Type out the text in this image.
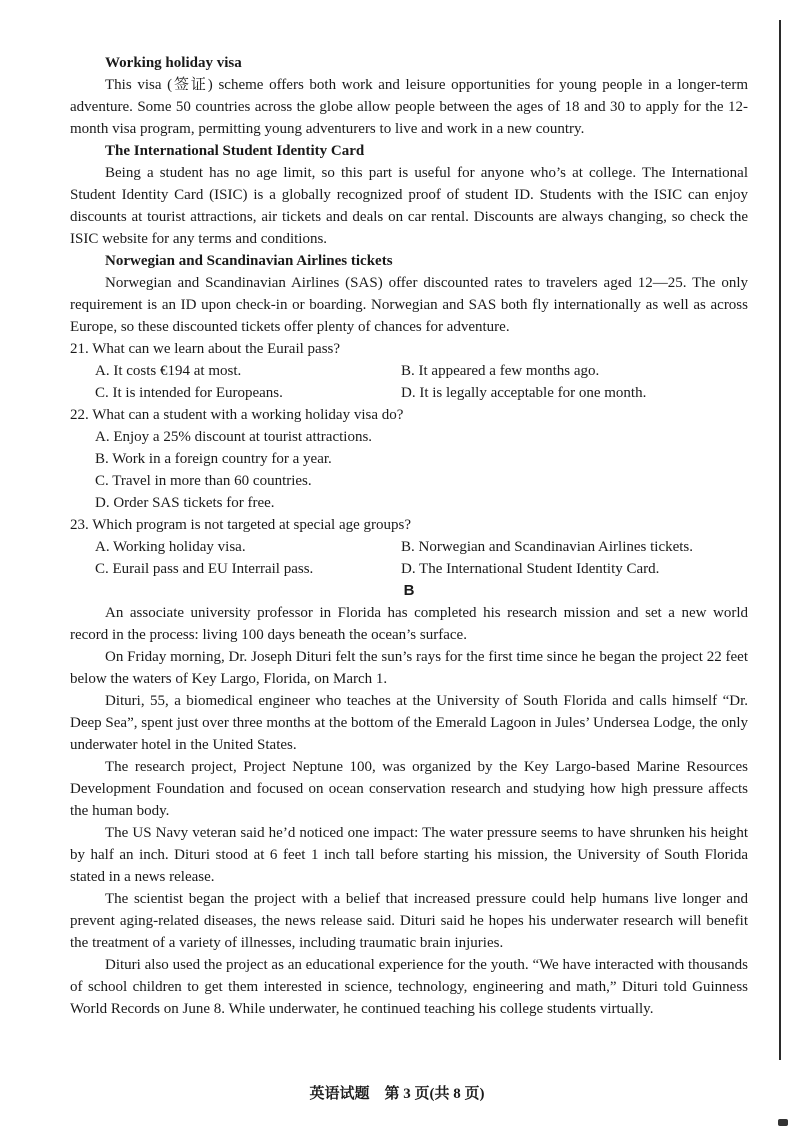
Working holiday visa
This visa (签证) scheme offers both work and leisure opportunities for young people in a longer-term adventure. Some 50 countries across the globe allow people between the ages of 18 and 30 to apply for the 12-month visa program, permitting young adventurers to live and work in a new country.
The International Student Identity Card
Being a student has no age limit, so this part is useful for anyone who’s at college. The International Student Identity Card (ISIC) is a globally recognized proof of student ID. Students with the ISIC can enjoy discounts at tourist attractions, air tickets and deals on car rental. Discounts are always changing, so check the ISIC website for any terms and conditions.
Norwegian and Scandinavian Airlines tickets
Norwegian and Scandinavian Airlines (SAS) offer discounted rates to travelers aged 12—25. The only requirement is an ID upon check-in or boarding. Norwegian and SAS both fly internationally as well as across Europe, so these discounted tickets offer plenty of chances for adventure.
21. What can we learn about the Eurail pass?
A. It costs €194 at most.	B. It appeared a few months ago.
C. It is intended for Europeans.	D. It is legally acceptable for one month.
22. What can a student with a working holiday visa do?
A. Enjoy a 25% discount at tourist attractions.
B. Work in a foreign country for a year.
C. Travel in more than 60 countries.
D. Order SAS tickets for free.
23. Which program is not targeted at special age groups?
A. Working holiday visa.	B. Norwegian and Scandinavian Airlines tickets.
C. Eurail pass and EU Interrail pass.	D. The International Student Identity Card.
B
An associate university professor in Florida has completed his research mission and set a new world record in the process: living 100 days beneath the ocean’s surface.
On Friday morning, Dr. Joseph Dituri felt the sun’s rays for the first time since he began the project 22 feet below the waters of Key Largo, Florida, on March 1.
Dituri, 55, a biomedical engineer who teaches at the University of South Florida and calls himself “Dr. Deep Sea”, spent just over three months at the bottom of the Emerald Lagoon in Jules’ Undersea Lodge, the only underwater hotel in the United States.
The research project, Project Neptune 100, was organized by the Key Largo-based Marine Resources Development Foundation and focused on ocean conservation research and studying how high pressure affects the human body.
The US Navy veteran said he’d noticed one impact: The water pressure seems to have shrunken his height by half an inch. Dituri stood at 6 feet 1 inch tall before starting his mission, the University of South Florida stated in a news release.
The scientist began the project with a belief that increased pressure could help humans live longer and prevent aging-related diseases, the news release said. Dituri said he hopes his underwater research will benefit the treatment of a variety of illnesses, including traumatic brain injuries.
Dituri also used the project as an educational experience for the youth. “We have interacted with thousands of school children to get them interested in science, technology, engineering and math,” Dituri told Guinness World Records on June 8. While underwater, he continued teaching his college students virtually.
英语试题　第 3 页(共 8 页)
